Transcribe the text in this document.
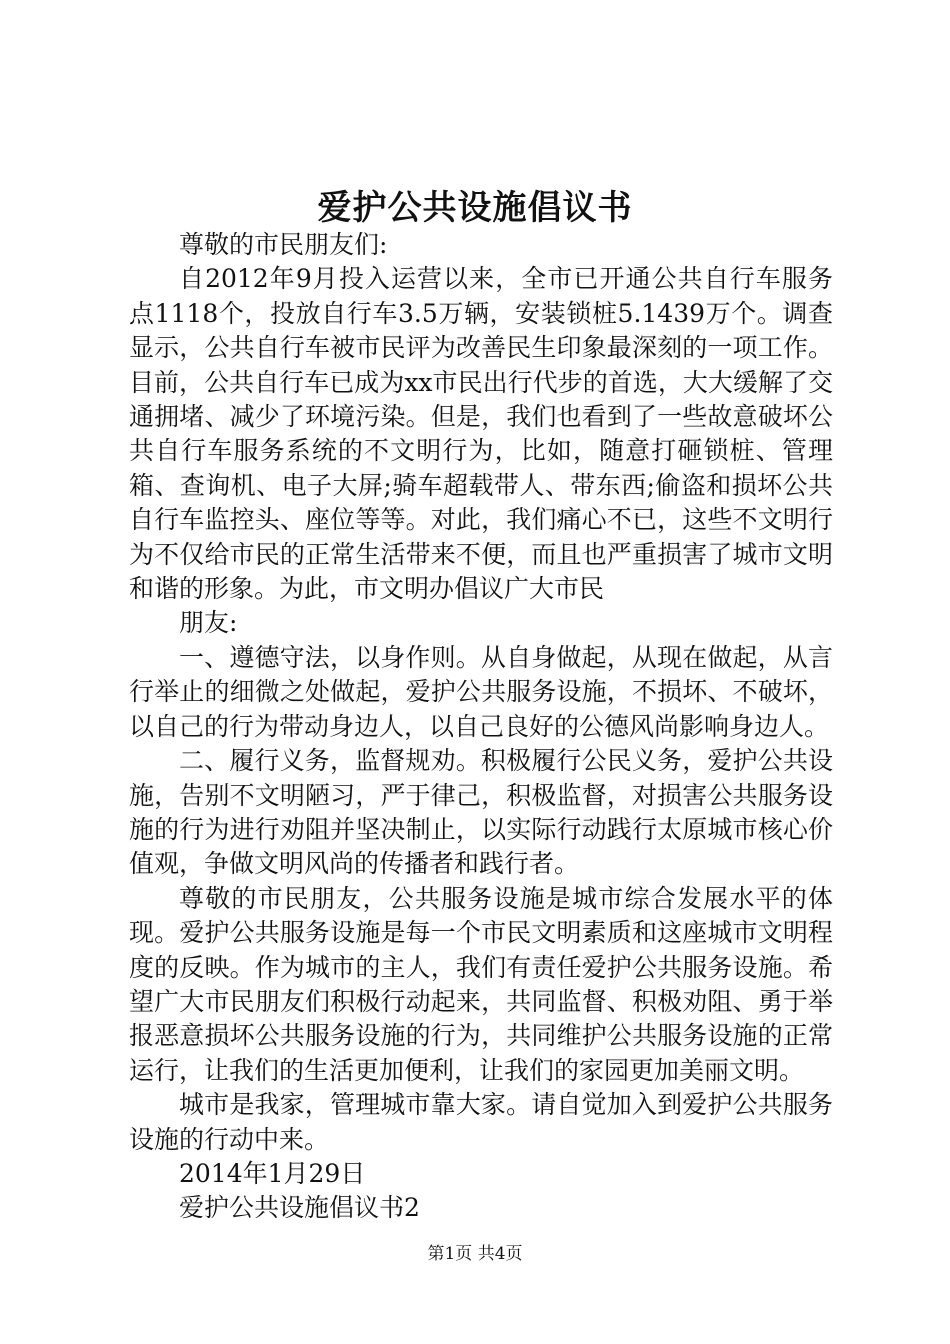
爱护公共设施倡议书

尊敬的市民朋友们:

自2012年9月投入运营以来，全市已开通公共自行车服务点1118个，投放自行车3.5万辆，安装锁桩5.1439万个。调查显示，公共自行车被市民评为改善民生印象最深刻的一项工作。目前，公共自行车已成为xx市民出行代步的首选，大大缓解了交通拥堵、减少了环境污染。但是，我们也看到了一些故意破坏公共自行车服务系统的不文明行为，比如，随意打砸锁桩、管理箱、查询机、电子大屏;骑车超载带人、带东西;偷盗和损坏公共自行车监控头、座位等等。对此，我们痛心不已，这些不文明行为不仅给市民的正常生活带来不便，而且也严重损害了城市文明和谐的形象。为此，市文明办倡议广大市民

朋友:

一、遵德守法，以身作则。从自身做起，从现在做起，从言行举止的细微之处做起，爱护公共服务设施，不损坏、不破坏，以自己的行为带动身边人，以自己良好的公德风尚影响身边人。

二、履行义务，监督规劝。积极履行公民义务，爱护公共设施，告别不文明陋习，严于律己，积极监督，对损害公共服务设施的行为进行劝阻并坚决制止，以实际行动践行太原城市核心价值观，争做文明风尚的传播者和践行者。

尊敬的市民朋友，公共服务设施是城市综合发展水平的体现。爱护公共服务设施是每一个市民文明素质和这座城市文明程度的反映。作为城市的主人，我们有责任爱护公共服务设施。希望广大市民朋友们积极行动起来，共同监督、积极劝阻、勇于举报恶意损坏公共服务设施的行为，共同维护公共服务设施的正常运行，让我们的生活更加便利，让我们的家园更加美丽文明。

城市是我家，管理城市靠大家。请自觉加入到爱护公共服务设施的行动中来。

2014年1月29日

爱护公共设施倡议书2

第1页 共4页
